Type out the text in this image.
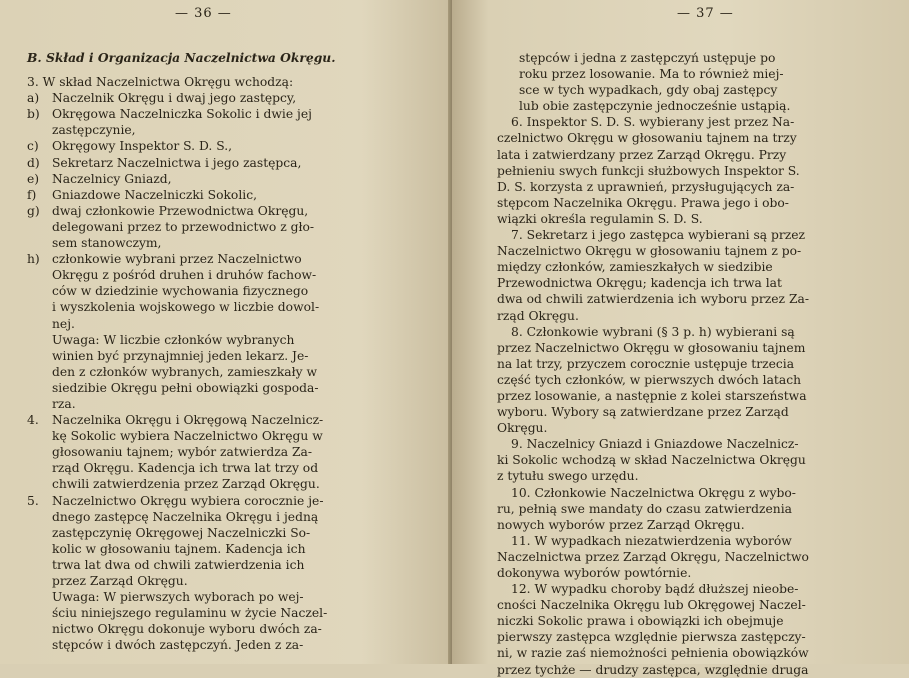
— 36 —
B. Skład i Organizacja Naczelnictwa Okręgu.
3. W skład Naczelnictwa Okręgu wchodzą:
a) Naczelnik Okręgu i dwaj jego zastępcy,
b) Okręgowa Naczelniczka Sokolic i dwie jej
zastępczynie,
c) Okręgowy Inspektor S. D. S.,
d) Sekretarz Naczelnictwa i jego zastępca,
e) Naczelnicy Gniazd,
f) Gniazdowe Naczelniczki Sokolic,
g) dwaj członkowie Przewodnictwa Okręgu,
delegowani przez to przewodnictwo z gło-
sem stanowczym,
h) członkowie wybrani przez Naczelnictwo
Okręgu z pośród druhen i druhów fachow-
ców w dziedzinie wychowania fizycznego
i wyszkolenia wojskowego w liczbie dowol-
nej.
Uwaga: W liczbie członków wybranych
winien być przynajmniej jeden lekarz. Je-
den z członków wybranych, zamieszkały w
siedzibie Okręgu pełni obowiązki gospoda-
rza.
4. Naczelnika Okręgu i Okręgową Naczelnicz-
kę Sokolic wybiera Naczelnictwo Okręgu w
głosowaniu tajnem; wybór zatwierdza Za-
rząd Okręgu. Kadencja ich trwa lat trzy od
chwili zatwierdzenia przez Zarząd Okręgu.
5. Naczelnictwo Okręgu wybiera corocznie je-
dnego zastępcę Naczelnika Okręgu i jedną
zastępczynię Okręgowej Naczelniczki So-
kolic w głosowaniu tajnem. Kadencja ich
trwa lat dwa od chwili zatwierdzenia ich
przez Zarząd Okręgu.
Uwaga: W pierwszych wyborach po wej-
ściu niniejszego regulaminu w życie Naczel-
nictwo Okręgu dokonuje wyboru dwóch za-
stępców i dwóch zastępczyń. Jeden z za-
— 37 —
stępców i jedna z zastępczyń ustępuje po
roku przez losowanie. Ma to również miej-
sce w tych wypadkach, gdy obaj zastępcy
lub obie zastępczynie jednocześnie ustąpią.
6. Inspektor S. D. S. wybierany jest przez Na-
czelnictwo Okręgu w głosowaniu tajnem na trzy
lata i zatwierdzany przez Zarząd Okręgu. Przy
pełnieniu swych funkcji służbowych Inspektor S.
D. S. korzysta z uprawnień, przysługujących za-
stępcom Naczelnika Okręgu. Prawa jego i obo-
wiązki określa regulamin S. D. S.
7. Sekretarz i jego zastępca wybierani są przez
Naczelnictwo Okręgu w głosowaniu tajnem z po-
między członków, zamieszkałych w siedzibie
Przewodnictwa Okręgu; kadencja ich trwa lat
dwa od chwili zatwierdzenia ich wyboru przez Za-
rząd Okręgu.
8. Członkowie wybrani (§ 3 p. h) wybierani są
przez Naczelnictwo Okręgu w głosowaniu tajnem
na lat trzy, przyczem corocznie ustępuje trzecia
część tych członków, w pierwszych dwóch latach
przez losowanie, a następnie z kolei starszeństwa
wyboru. Wybory są zatwierdzane przez Zarząd
Okręgu.
9. Naczelnicy Gniazd i Gniazdowe Naczelnicz-
ki Sokolic wchodzą w skład Naczelnictwa Okręgu
z tytułu swego urzędu.
10. Członkowie Naczelnictwa Okręgu z wybo-
ru, pełnią swe mandaty do czasu zatwierdzenia
nowych wyborów przez Zarząd Okręgu.
11. W wypadkach niezatwierdzenia wyborów
Naczelnictwa przez Zarząd Okręgu, Naczelnictwo
dokonywa wyborów powtórnie.
12. W wypadku choroby bądź dłuższej nieobe-
cności Naczelnika Okręgu lub Okręgowej Naczel-
niczki Sokolic prawa i obowiązki ich obejmuje
pierwszy zastępca względnie pierwsza zastępczy-
ni, w razie zaś niemożności pełnienia obowiązków
przez tychże — drudzy zastępca, względnie druga
